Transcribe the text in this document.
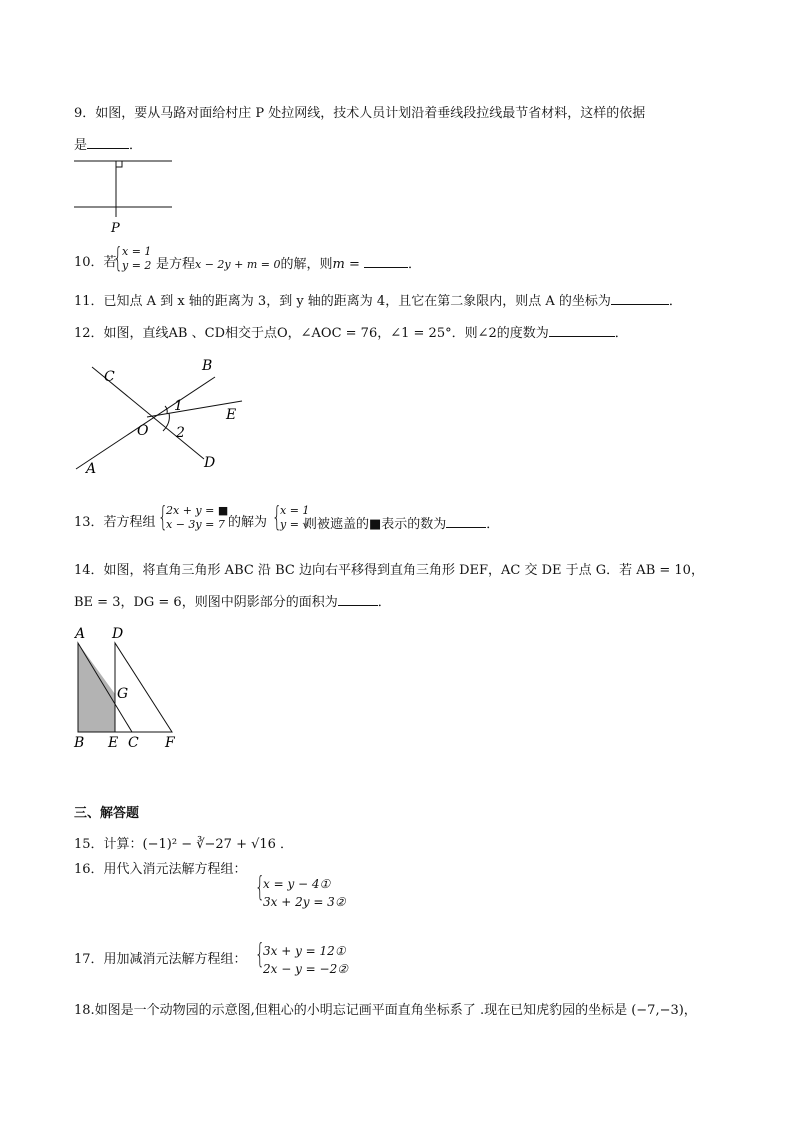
9．如图，要从马路对面给村庄 P 处拉网线，技术人员计划沿着垂线段拉线最节省材料，这样的依据
是	．
P
10．若
{ x = 1
y = 2 是方程x − 2y + m = 0的解，则m =	．
11．已知点 A 到 x 轴的距离为 3，到 y 轴的距离为 4，且它在第二象限内，则点 A 的坐标为	．
12．如图，直线AB 、CD相交于点O，∠AOC = 76，∠1 = 25°．则∠2的度数为	．
C
B
1
E
O 2
A	D
13．若方程组 {
2x + y = ■
x − 3y = 7 的解为 {
x = 1
y = √
则被遮盖的■表示的数为	．
14．如图，将直角三角形 ABC 沿 BC 边向右平移得到直角三角形 DEF，AC 交 DE 于点 G．若 AB = 10，
BE = 3，DG = 6，则图中阴影部分的面积为	．
A D
G
B E C F
三、解答题
15．计算：(−1)² − ∛−27 + √16 ．
16．用代入消元法解方程组：
{
x = y − 4①
3x + 2y = 3②
17．用加减消元法解方程组： {
3x + y = 12①
2x − y = −2②
18.如图是一个动物园的示意图,但粗心的小明忘记画平面直角坐标系了 .现在已知虎豹园的坐标是 (−7,−3)，
